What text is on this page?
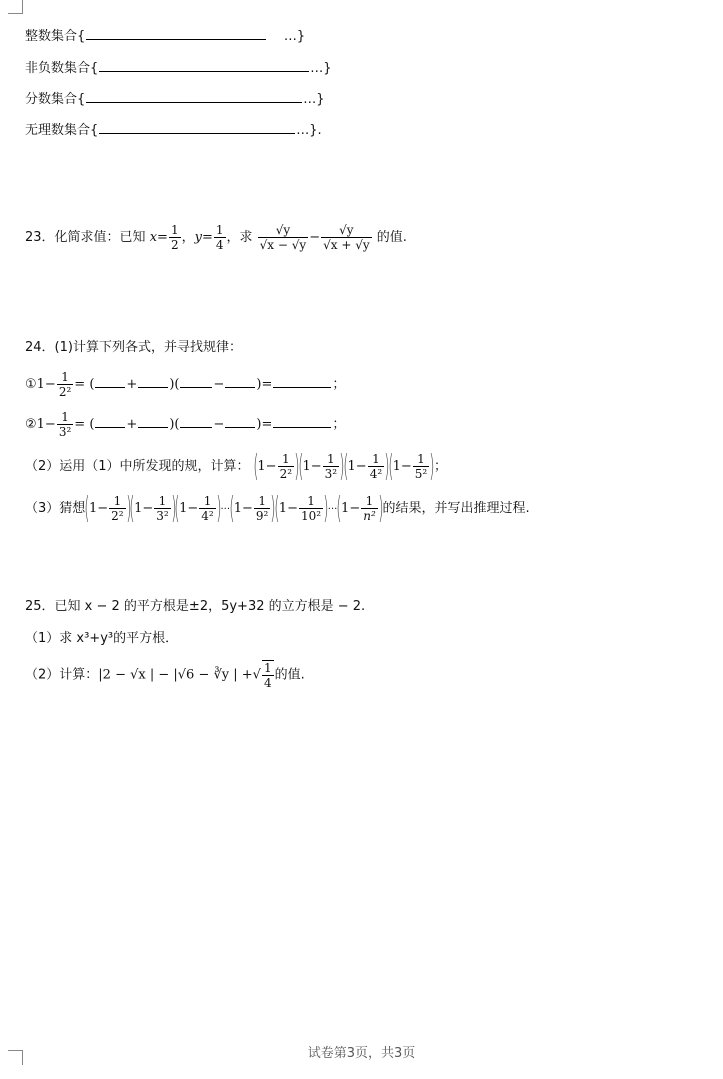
整数集合{	…}
非负数集合{	…}
分数集合{	…}
无理数集合{	…}.
23．化简求值：已知 $x= \frac{1}{2}$ ，$y= \frac{1}{4}$ ，求 $\frac{√y}{√x - √y} - \frac{√y}{√x + √y}$ 的值.
24．(1)计算下列各式，并寻找规律：
①1− $\frac{1}{\text{2²}}$ = ( + )(	− )=	；
②1− $\frac{1}{\text{3²}}$ = ( + )(	− )=	；
（2）运用（1）中所发现的规，计算： $(1- \frac{1}{\text{2²}} )(1- \frac{1}{\text{3²}} )(1- \frac{1}{\text{4²}} )(1- \frac{1}{\text{5²}}$ )；
（3）猜想$(1- \frac{1}{\text{2²}} )(1- \frac{1}{\text{3²}} )(1- \frac{1}{\text{4²}} )\cdot\cdot\cdot(1- \frac{1}{\text{9²}} )(1- \frac{1}{\text{10²}} )\cdot\cdot\cdot(1- \frac{1}{\text{n²}}$ )的结果，并写出推理过程.
25．已知 x − 2 的平方根是±2，5y+32 的立方根是 − 2.
（1）求 x³+y³的平方根．
（2）计算：|2 − √x | − |√6 − ∛y | +√ $\frac{1}{4}$ 的值.
试卷第3页，共3页
